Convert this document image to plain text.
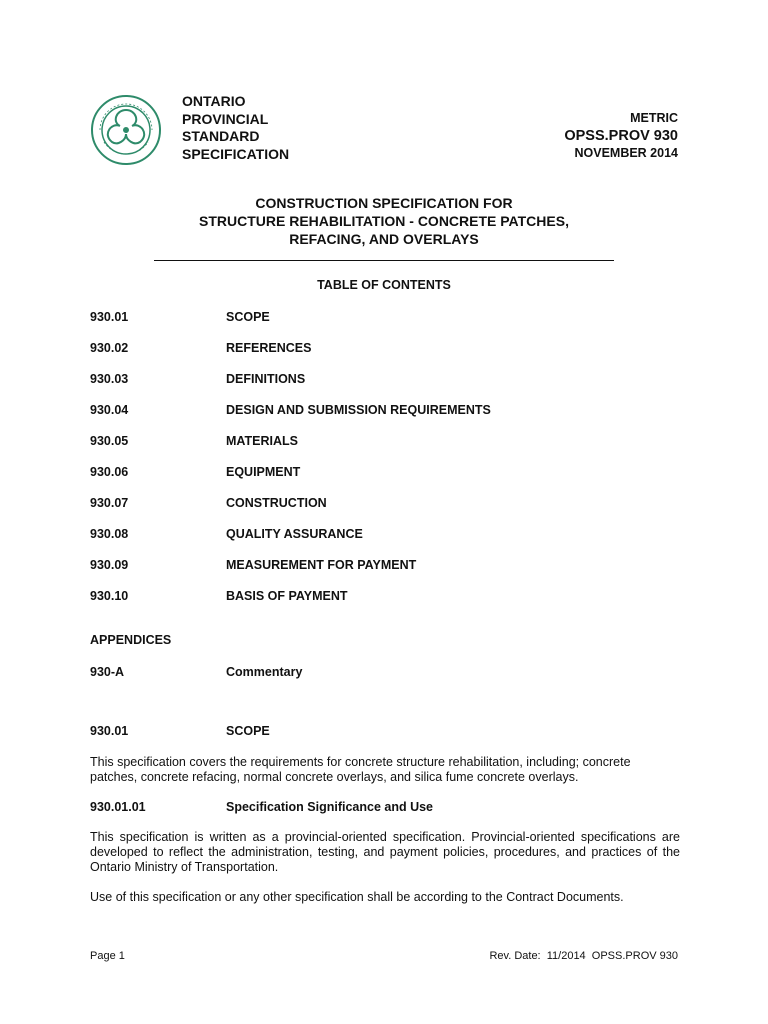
ONTARIO
PROVINCIAL
STANDARD
SPECIFICATION
METRIC
OPSS.PROV 930
NOVEMBER 2014
CONSTRUCTION SPECIFICATION FOR
STRUCTURE REHABILITATION - CONCRETE PATCHES,
REFACING, AND OVERLAYS
TABLE OF CONTENTS
930.01	SCOPE
930.02	REFERENCES
930.03	DEFINITIONS
930.04	DESIGN AND SUBMISSION REQUIREMENTS
930.05	MATERIALS
930.06	EQUIPMENT
930.07	CONSTRUCTION
930.08	QUALITY ASSURANCE
930.09	MEASUREMENT FOR PAYMENT
930.10	BASIS OF PAYMENT
APPENDICES
930-A	Commentary
930.01	SCOPE
This specification covers the requirements for concrete structure rehabilitation, including; concrete patches, concrete refacing, normal concrete overlays, and silica fume concrete overlays.
930.01.01	Specification Significance and Use
This specification is written as a provincial-oriented specification. Provincial-oriented specifications are developed to reflect the administration, testing, and payment policies, procedures, and practices of the Ontario Ministry of Transportation.
Use of this specification or any other specification shall be according to the Contract Documents.
Page 1	Rev. Date:  11/2014  OPSS.PROV 930
